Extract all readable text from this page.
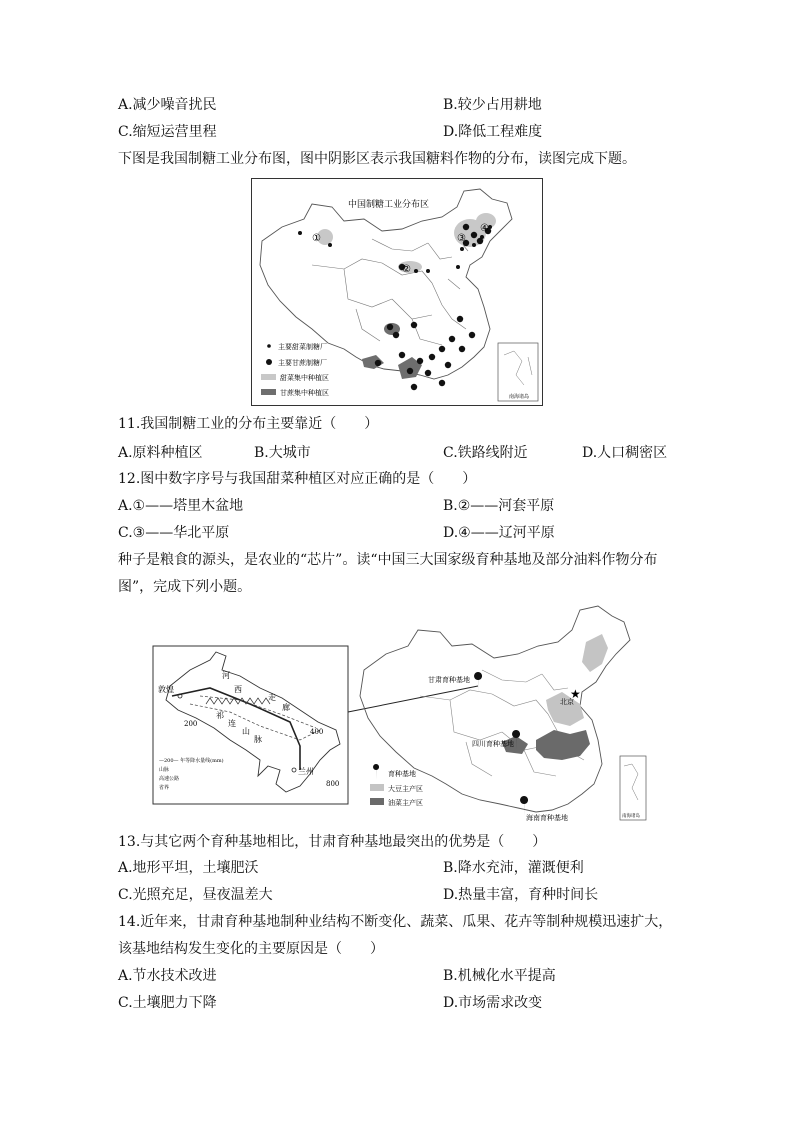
A.减少噪音扰民	B.较少占用耕地
C.缩短运营里程	D.降低工程难度
下图是我国制糖工业分布图，图中阴影区表示我国糖料作物的分布，读图完成下题。
①
②
③
④
中国制糖工业分布区
主要甜菜制糖厂
主要甘蔗制糖厂
甜菜集中种植区
甘蔗集中种植区	南海诸岛
11.我国制糖工业的分布主要靠近（　　）
A.原料种植区	B.大城市	C.铁路线附近	D.人口稠密区
12.图中数字序号与我国甜菜种植区对应正确的是（　　）
A.①——塔里木盆地	B.②——河套平原
C.③——华北平原	D.④——辽河平原
种子是粮食的源头，是农业的“芯片”。读“中国三大国家级育种基地及部分油料作物分布
图”，完成下列小题。
敦煌
河
西
祁
连
山
脉
走
廊
兰州
200
400
800
—200— 年等降水量线(mm)
山脉
高速公路
省界
★
北京
甘肃育种基地
四川育种基地
海南育种基地
育种基地
大豆主产区
油菜主产区
南海诸岛
13.与其它两个育种基地相比，甘肃育种基地最突出的优势是（　　）
A.地形平坦，土壤肥沃	B.降水充沛，灌溉便利
C.光照充足，昼夜温差大	D.热量丰富，育种时间长
14.近年来，甘肃育种基地制种业结构不断变化、蔬菜、瓜果、花卉等制种规模迅速扩大，
该基地结构发生变化的主要原因是（　　）
A.节水技术改进	B.机械化水平提高
C.土壤肥力下降	D.市场需求改变
